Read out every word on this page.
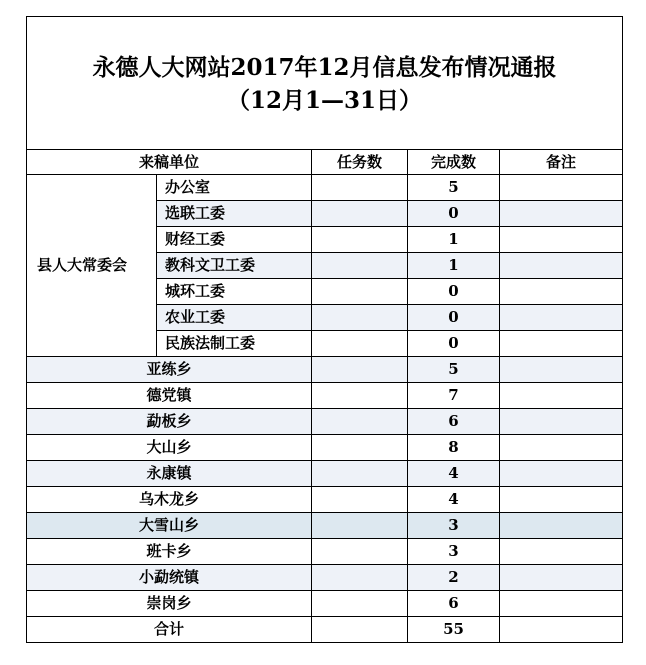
永德人大网站2017年12月信息发布情况通报
（12月1—31日）				

来稿单位		任务数	完成数	备注
县人大常委会	办公室		5	
	选联工委		0	
	财经工委		1	
	教科文卫工委		1	
	城环工委		0	
	农业工委		0	
	民族法制工委		0	
亚练乡			5	
德党镇			7	
勐板乡			6	
大山乡			8	
永康镇			4	
乌木龙乡			4	
大雪山乡			3	
班卡乡			3	
小勐统镇			2	
崇岗乡			6	
合计			55	
